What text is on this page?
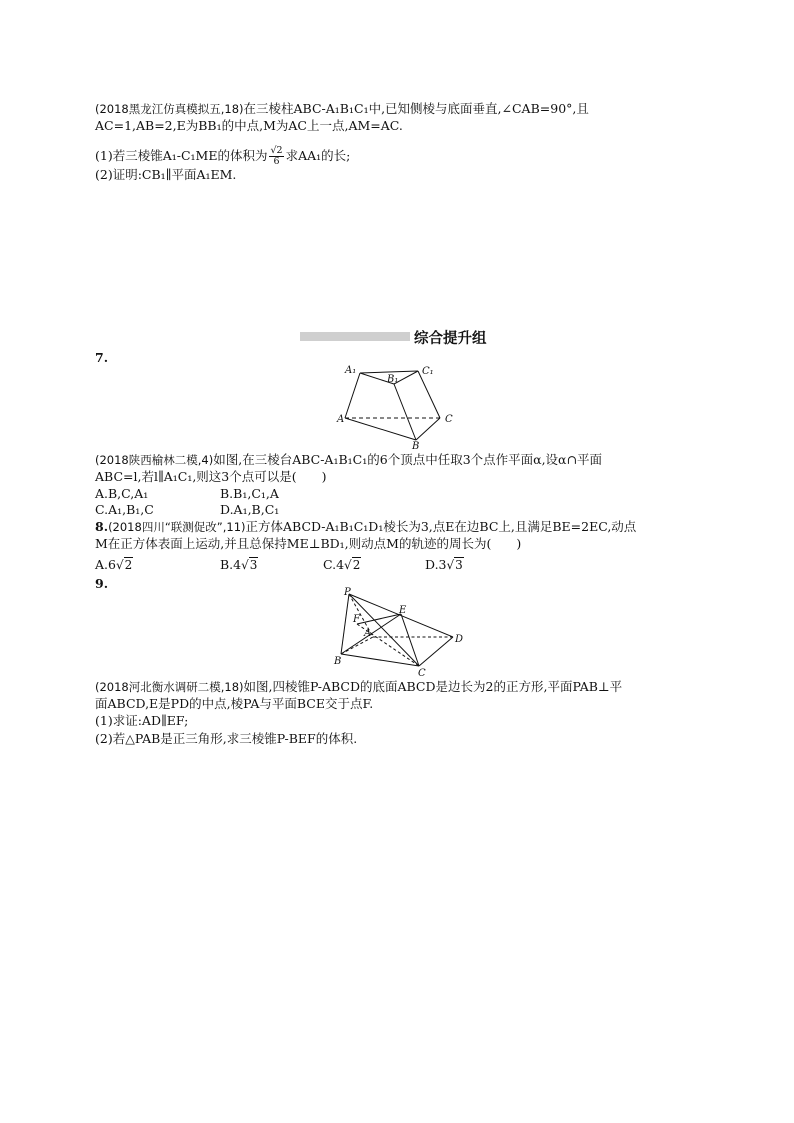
(2018黑龙江仿真模拟五,18)在三棱柱ABC-A₁B₁C₁中,已知侧棱与底面垂直,∠CAB=90°,且
AC=1,AB=2,E为BB₁的中点,M为AC上一点,AM=AC.
(1)若三棱锥A₁-C₁ME的体积为 $\frac{√2}{6}$ 求AA₁的长;
(2)证明:CB₁∥平面A₁EM.
综合提升组
7.
A₁
B₁
C₁
A	C
B
(2018陕西榆林二模,4)如图,在三棱台ABC-A₁B₁C₁的6个顶点中任取3个点作平面α,设α∩平面
ABC=l,若l∥A₁C₁,则这3个点可以是(　　)
A.B,C,A₁	B.B₁,C₁,A
C.A₁,B₁,C	D.A₁,B,C₁
8.(2018四川“联测促改”,11)正方体ABCD-A₁B₁C₁D₁棱长为3,点E在边BC上,且满足BE=2EC,动点
M在正方体表面上运动,并且总保持ME⊥BD₁,则动点M的轨迹的周长为(　　)
A.6√2	B.4√3	C.4√2	D.3√3
9.
P
E
F
A
B
C
D
(2018河北衡水调研二模,18)如图,四棱锥P-ABCD的底面ABCD是边长为2的正方形,平面PAB⊥平
面ABCD,E是PD的中点,棱PA与平面BCE交于点F.
(1)求证:AD∥EF;
(2)若△PAB是正三角形,求三棱锥P-BEF的体积.
